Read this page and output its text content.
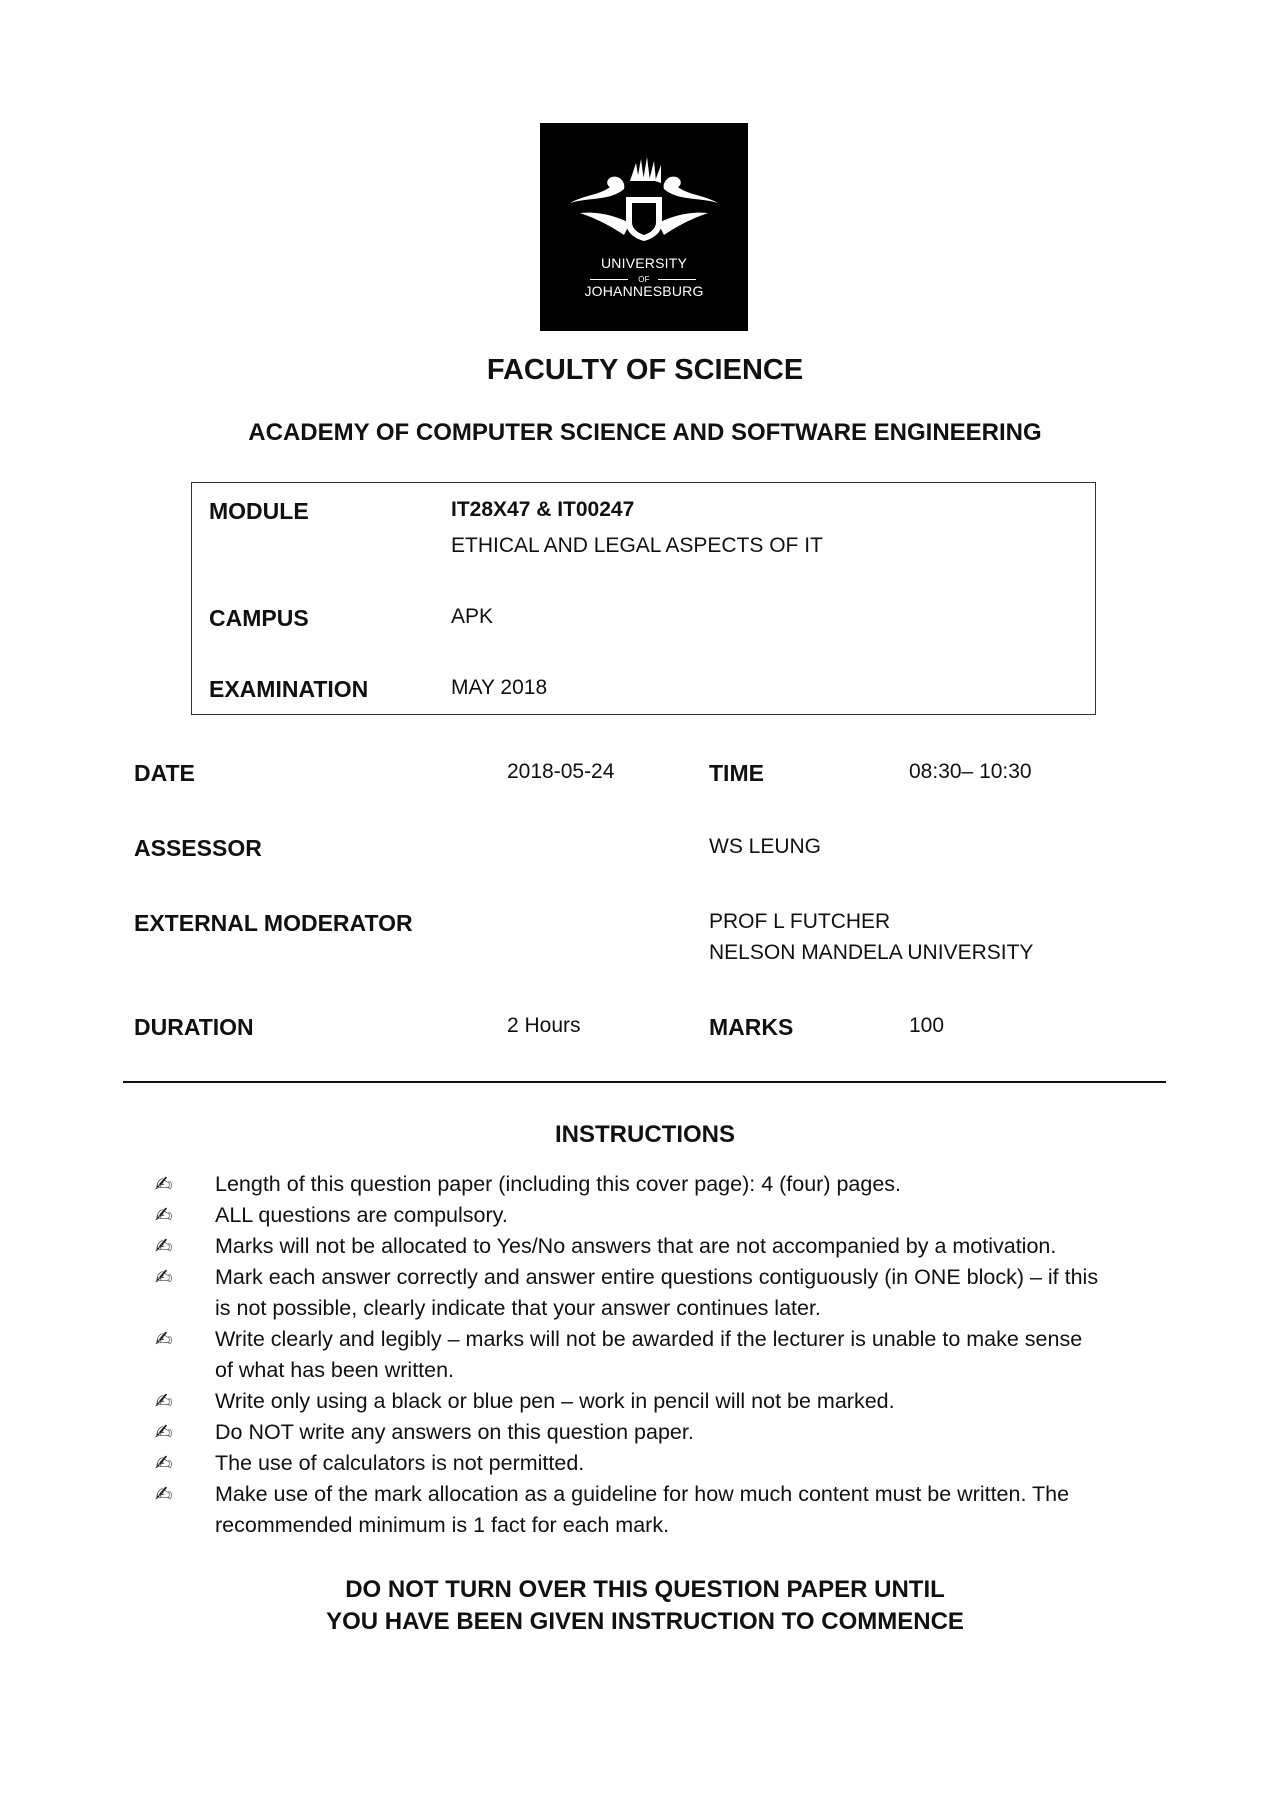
UNIVERSITY
OF
JOHANNESBURG
FACULTY OF SCIENCE
ACADEMY OF COMPUTER SCIENCE AND SOFTWARE ENGINEERING
MODULE	IT28X47 & IT00247
ETHICAL AND LEGAL ASPECTS OF IT
CAMPUS	APK
EXAMINATION	MAY 2018
DATE	2018-05-24	TIME	08:30– 10:30
ASSESSOR	WS LEUNG
EXTERNAL MODERATOR	PROF L FUTCHER
NELSON MANDELA UNIVERSITY
DURATION	2 Hours	MARKS	100
INSTRUCTIONS
✍ Length of this question paper (including this cover page): 4 (four) pages.
✍ ALL questions are compulsory.
✍ Marks will not be allocated to Yes/No answers that are not accompanied by a motivation.
✍ Mark each answer correctly and answer entire questions contiguously (in ONE block) – if this is not possible, clearly indicate that your answer continues later.
✍ Write clearly and legibly – marks will not be awarded if the lecturer is unable to make sense of what has been written.
✍ Write only using a black or blue pen – work in pencil will not be marked.
✍ Do NOT write any answers on this question paper.
✍ The use of calculators is not permitted.
✍ Make use of the mark allocation as a guideline for how much content must be written. The recommended minimum is 1 fact for each mark.
DO NOT TURN OVER THIS QUESTION PAPER UNTIL
YOU HAVE BEEN GIVEN INSTRUCTION TO COMMENCE
